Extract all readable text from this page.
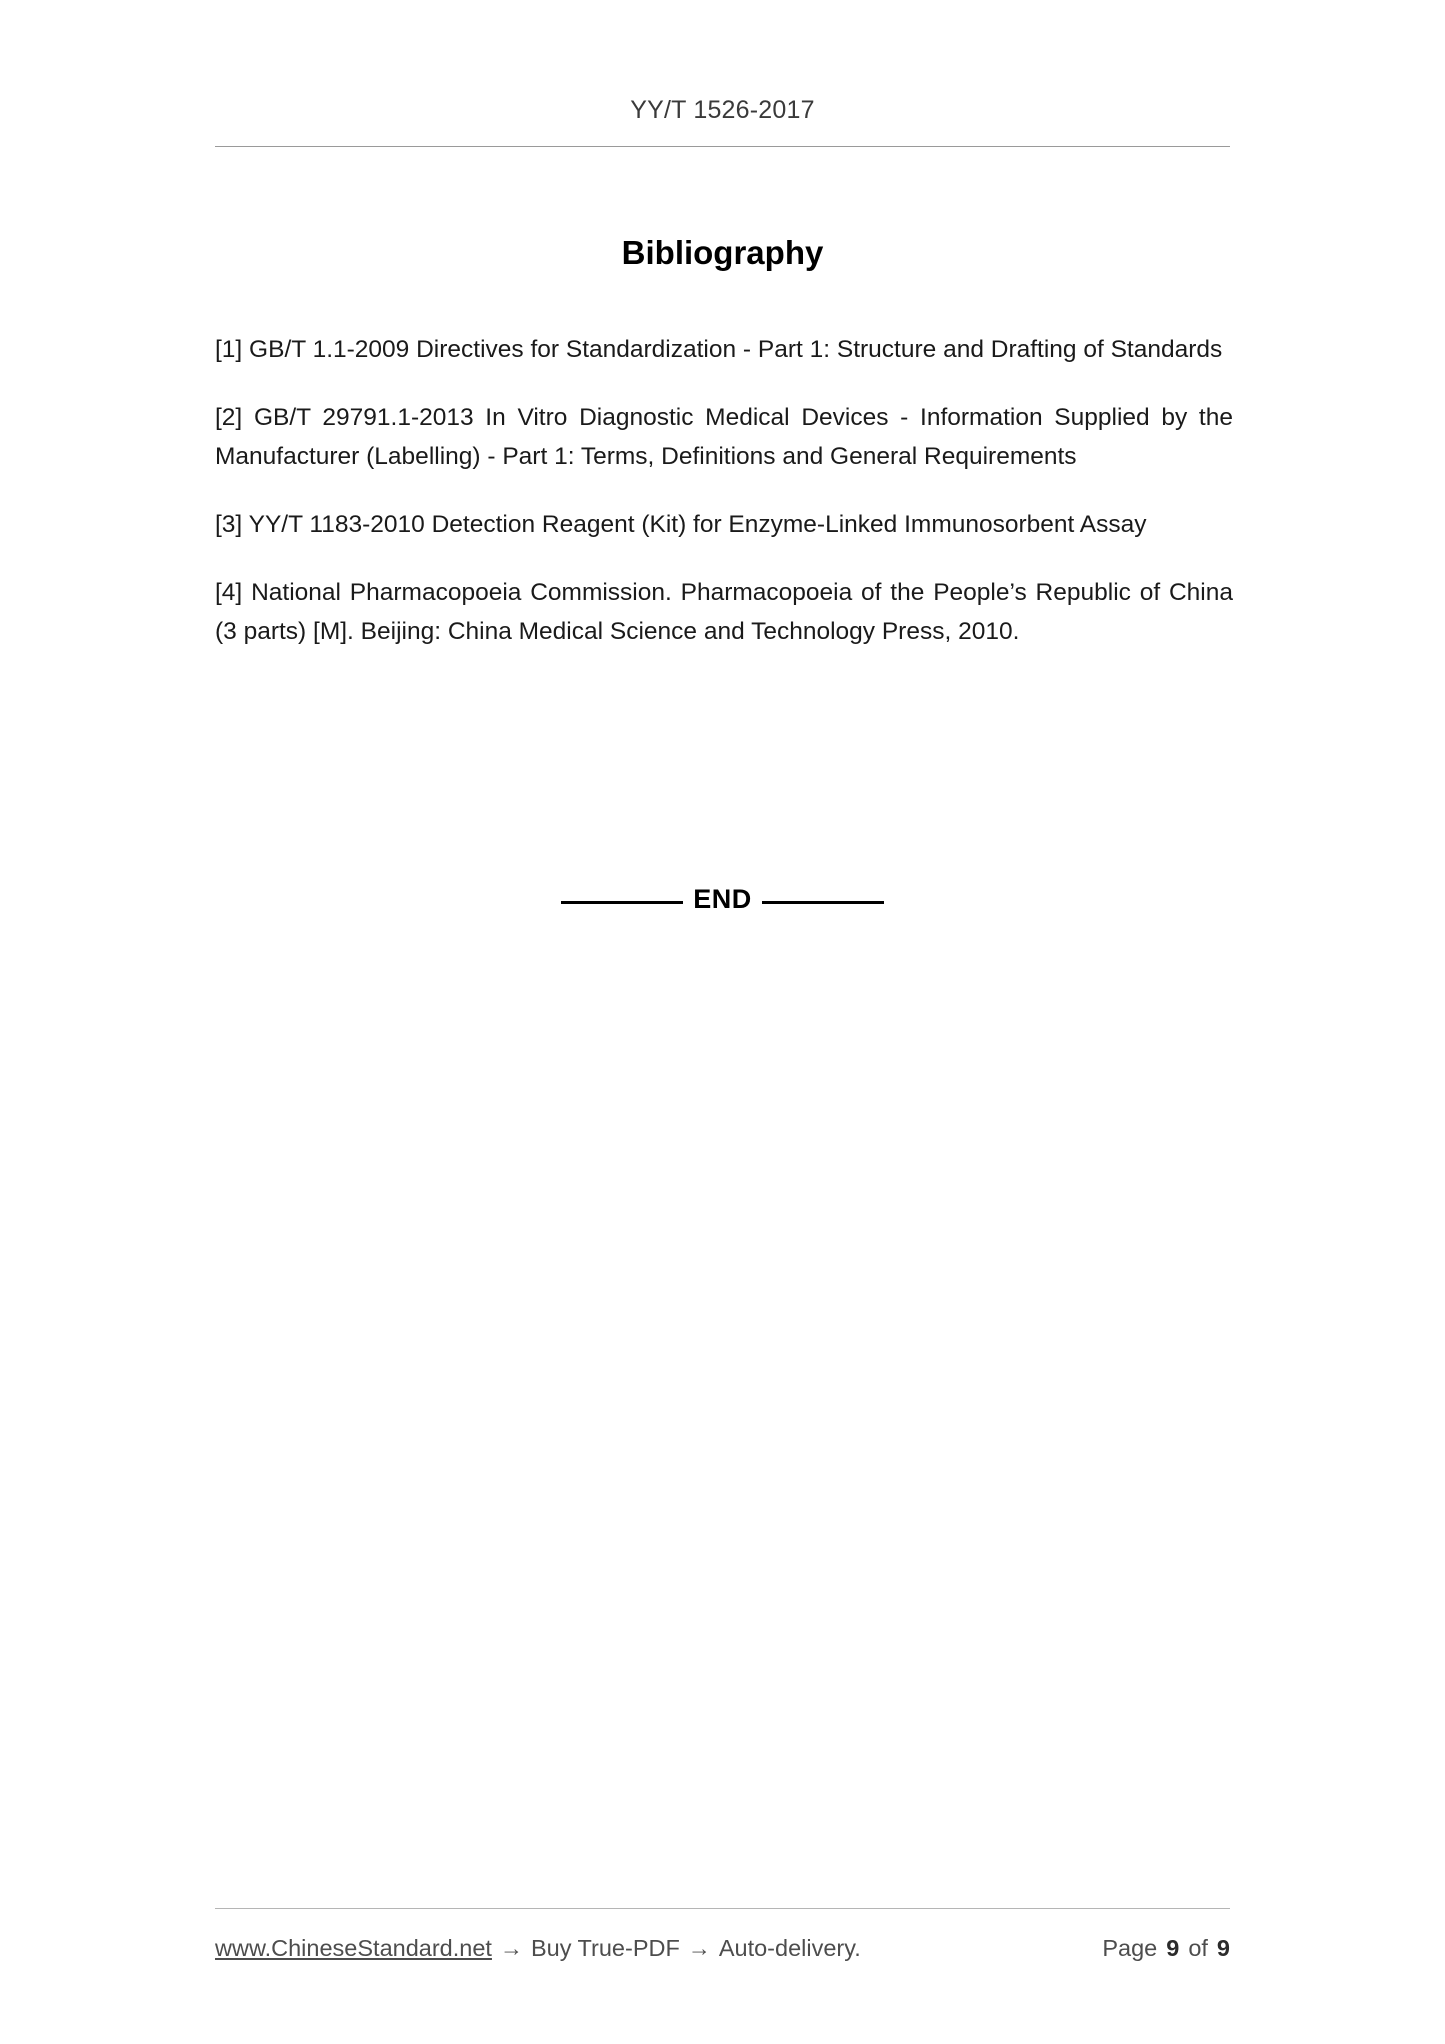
YY/T 1526-2017
Bibliography

[1] GB/T 1.1-2009 Directives for Standardization - Part 1: Structure and Drafting of Standards

[2] GB/T 29791.1-2013 In Vitro Diagnostic Medical Devices - Information Supplied by the Manufacturer (Labelling) - Part 1: Terms, Definitions and General Requirements

[3] YY/T 1183-2010 Detection Reagent (Kit) for Enzyme-Linked Immunosorbent Assay

[4] National Pharmacopoeia Commission. Pharmacopoeia of the People’s Republic of China (3 parts) [M]. Beijing: China Medical Science and Technology Press, 2010.

END
www.ChineseStandard.net → Buy True-PDF → Auto-delivery.	Page 9 of 9
